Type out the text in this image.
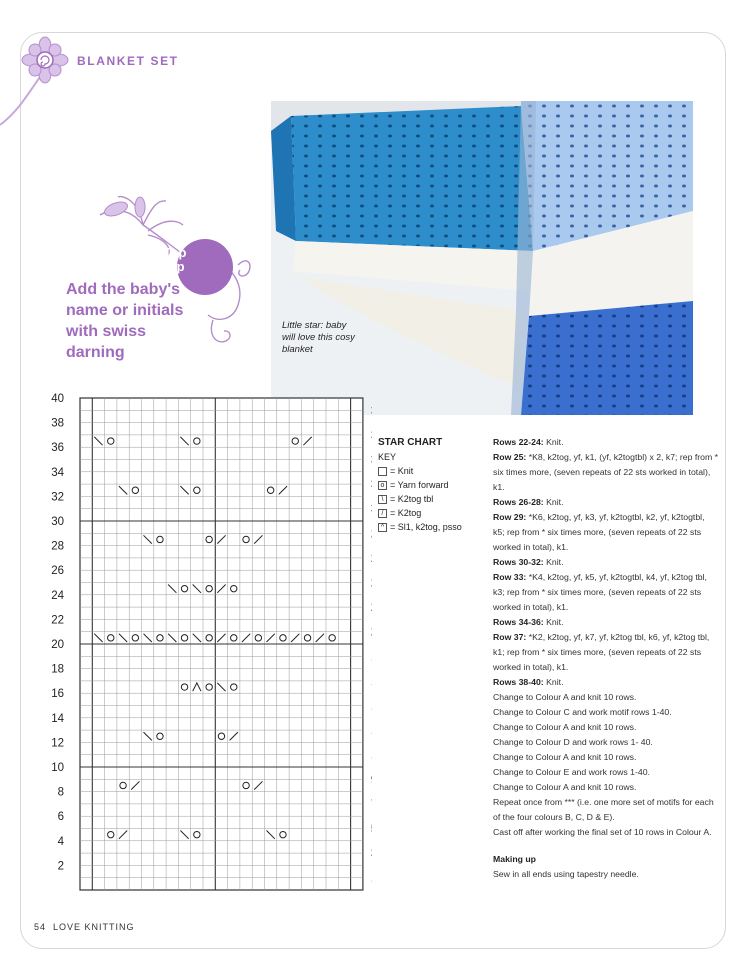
BLANKET SET
Little star: baby will love this cosy blanket
Top
Tip
Add the baby's name or initials with swiss darning
40
38
36
34
32
30
28
26
24
22
20
18
16
14
12
10
8
6
4
2
STAR CHART
KEY
= Knit
o = Yarn forward
\ = K2tog tbl
/ = K2tog
^ = Sl1, k2tog, psso

Rows 22-24: Knit.

Row 25: *K8, k2tog, yf, k1, (yf, k2togtbl) x 2, k7; rep from * six times more, (seven repeats of 22 sts worked in total), k1.

Rows 26-28: Knit.

Row 29: *K6, k2tog, yf, k3, yf, k2togtbl, k2, yf, k2togtbl, k5; rep from * six times more, (seven repeats of 22 sts worked in total), k1.

Rows 30-32: Knit.

Row 33: *K4, k2tog, yf, k5, yf, k2togtbl, k4, yf, k2tog tbl, k3; rep from * six times more, (seven repeats of 22 sts worked in total), k1.

Rows 34-36: Knit.

Row 37: *K2, k2tog, yf, k7, yf, k2tog tbl, k6, yf, k2tog tbl, k1; rep from * six times more, (seven repeats of 22 sts worked in total), k1.

Rows 38-40: Knit.

Change to Colour A and knit 10 rows.

Change to Colour C and work motif rows 1-40.

Change to Colour A and knit 10 rows.

Change to Colour D and work rows 1- 40.

Change to Colour A and knit 10 rows.

Change to Colour E and work rows 1-40.

Change to Colour A and knit 10 rows.

Repeat once from *** (i.e. one more set of motifs for each of the four colours B, C, D & E).

Cast off after working the final set of 10 rows in Colour A.

Making up

Sew in all ends using tapestry needle.

54 LOVE KNITTING
